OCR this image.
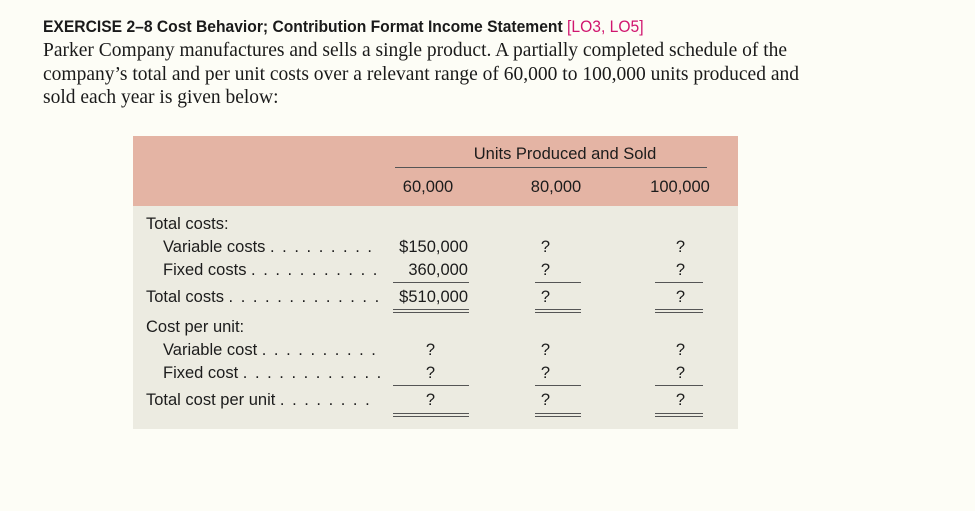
EXERCISE 2–8 Cost Behavior; Contribution Format Income Statement [LO3, LO5]
Parker Company manufactures and sells a single product. A partially completed schedule of the
company’s total and per unit costs over a relevant range of 60,000 to 100,000 units produced and
sold each year is given below:
Units Produced and Sold
60,000	80,000	100,000
Total costs:
Variable costs . . . . . . . . .	$150,000	?	?
Fixed costs . . . . . . . . . . .	360,000	?	?
Total costs . . . . . . . . . . . . .	$510,000	?	?
Cost per unit:
Variable cost . . . . . . . . . .	?	?	?
Fixed cost . . . . . . . . . . . .	?	?	?
Total cost per unit . . . . . . . .	?	?	?
